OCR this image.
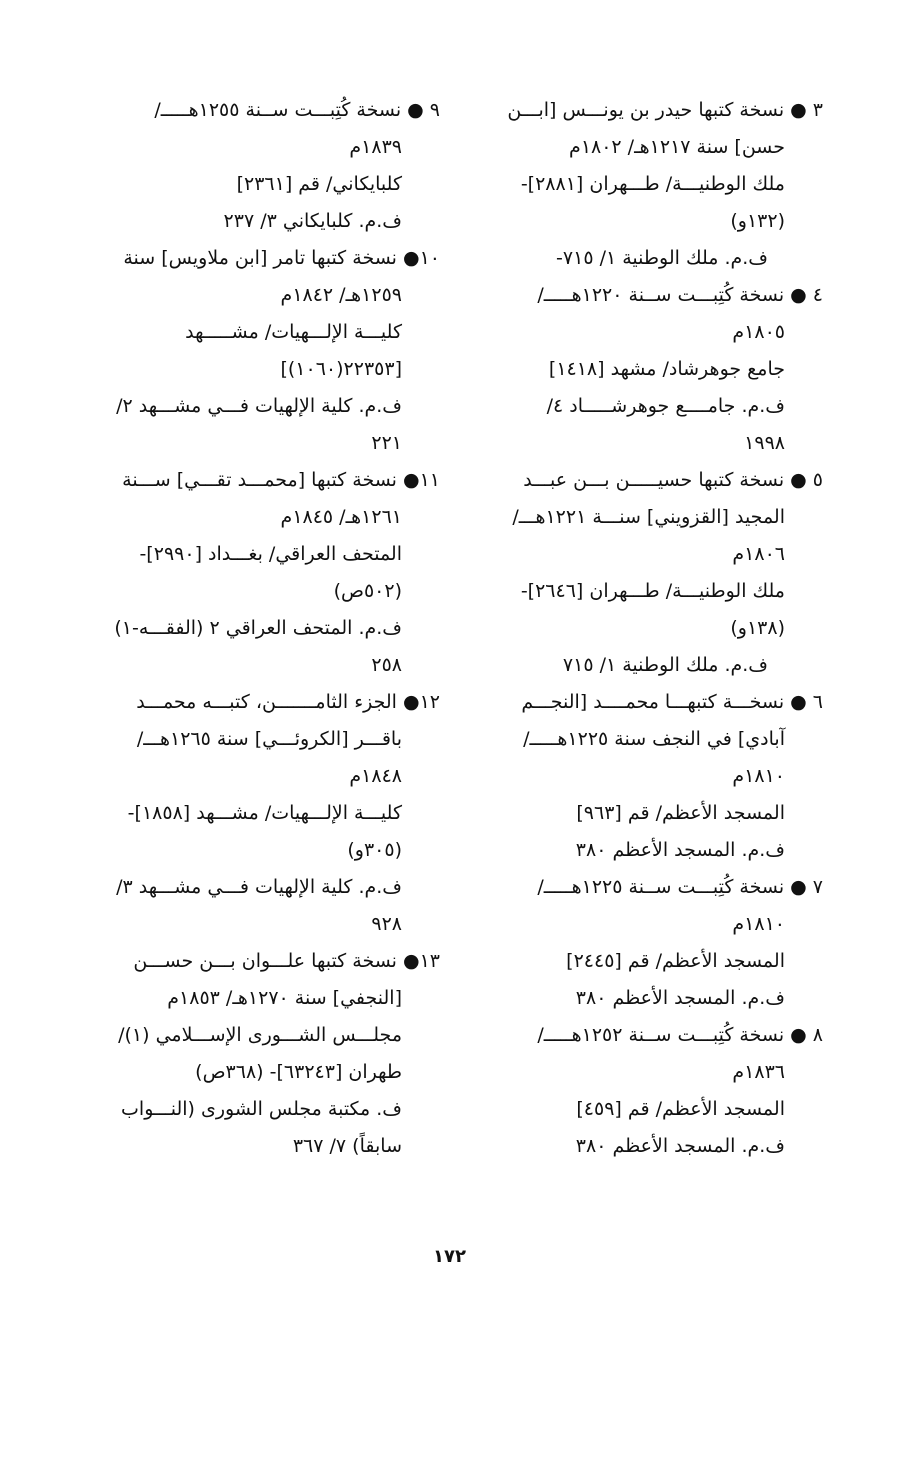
٣ ● نسخة كتبها حيدر بن يونـــس [ابـــن
حسن] سنة ١٢١٧هـ/ ١٨٠٢م
ملك الوطنيـــة/ طـــهران [٢٨٨١]-
(١٣٢و)
ف.م. ملك الوطنية ١/ ٧١٥-
٤ ● نسخة كُتِبـــت ســنة ١٢٢٠هـــــ/
١٨٠٥م
جامع جوهرشاد/ مشهد [١٤١٨]
ف.م. جامــــع جوهرشـــــاد ٤/
١٩٩٨
٥ ● نسخة كتبها حسيـــــن بـــن عبـــد
المجيد [القزويني] سنـــة ١٢٢١هـــ/
١٨٠٦م
ملك الوطنيـــة/ طـــهران [٢٦٤٦]-
(١٣٨و)
ف.م. ملك الوطنية ١/ ٧١٥
٦ ● نسخـــة كتبهـــا محمــــد [النجـــم
آبادي] في النجف سنة ١٢٢٥هـــــ/
١٨١٠م
المسجد الأعظم/ قم [٩٦٣]
ف.م. المسجد الأعظم ٣٨٠
٧ ● نسخة كُتِبـــت ســنة ١٢٢٥هـــــ/
١٨١٠م
المسجد الأعظم/ قم [٢٤٤٥]
ف.م. المسجد الأعظم ٣٨٠
٨ ● نسخة كُتِبـــت ســنة ١٢٥٢هـــــ/
١٨٣٦م
المسجد الأعظم/ قم [٤٥٩]
ف.م. المسجد الأعظم ٣٨٠
٩ ● نسخة كُتِبـــت ســنة ١٢٥٥هـــــ/
١٨٣٩م
كلبايكاني/ قم [٢٣٦١]
ف.م. كلبايكاني ٣/ ٢٣٧
١٠● نسخة كتبها تامر [ابن ملاويس] سنة
١٢٥٩هـ/ ١٨٤٢م
كليـــة الإلـــهيات/ مشـــــهد
[٢٢٣٥٣(١٠٦٠)]
ف.م. كلية الإلهيات فـــي مشـــهد ٢/
٢٢١
١١● نسخة كتبها [محمـــد تقـــي] ســـنة
١٢٦١هـ/ ١٨٤٥م
المتحف العراقي/ بغـــداد [٢٩٩٠]-
(٥٠٢ص)
ف.م. المتحف العراقي ٢ (الفقـــه-١)
٢٥٨
١٢● الجزء الثامـــــــن، كتبـــه محمـــد
باقـــر [الكروئـــي] سنة ١٢٦٥هـــ/
١٨٤٨م
كليـــة الإلـــهيات/ مشـــهد [١٨٥٨]-
(٣٠٥و)
ف.م. كلية الإلهيات فـــي مشـــهد ٣/
٩٢٨
١٣● نسخة كتبها علـــوان بـــن حســـن
[النجفي] سنة ١٢٧٠هـ/ ١٨٥٣م
مجلـــس الشـــورى الإســـلامي (١)/
طهران [٦٣٢٤٣]- (٣٦٨ص)
ف. مكتبة مجلس الشورى (النـــواب
سابقاً) ٧/ ٣٦٧
١٧٢
